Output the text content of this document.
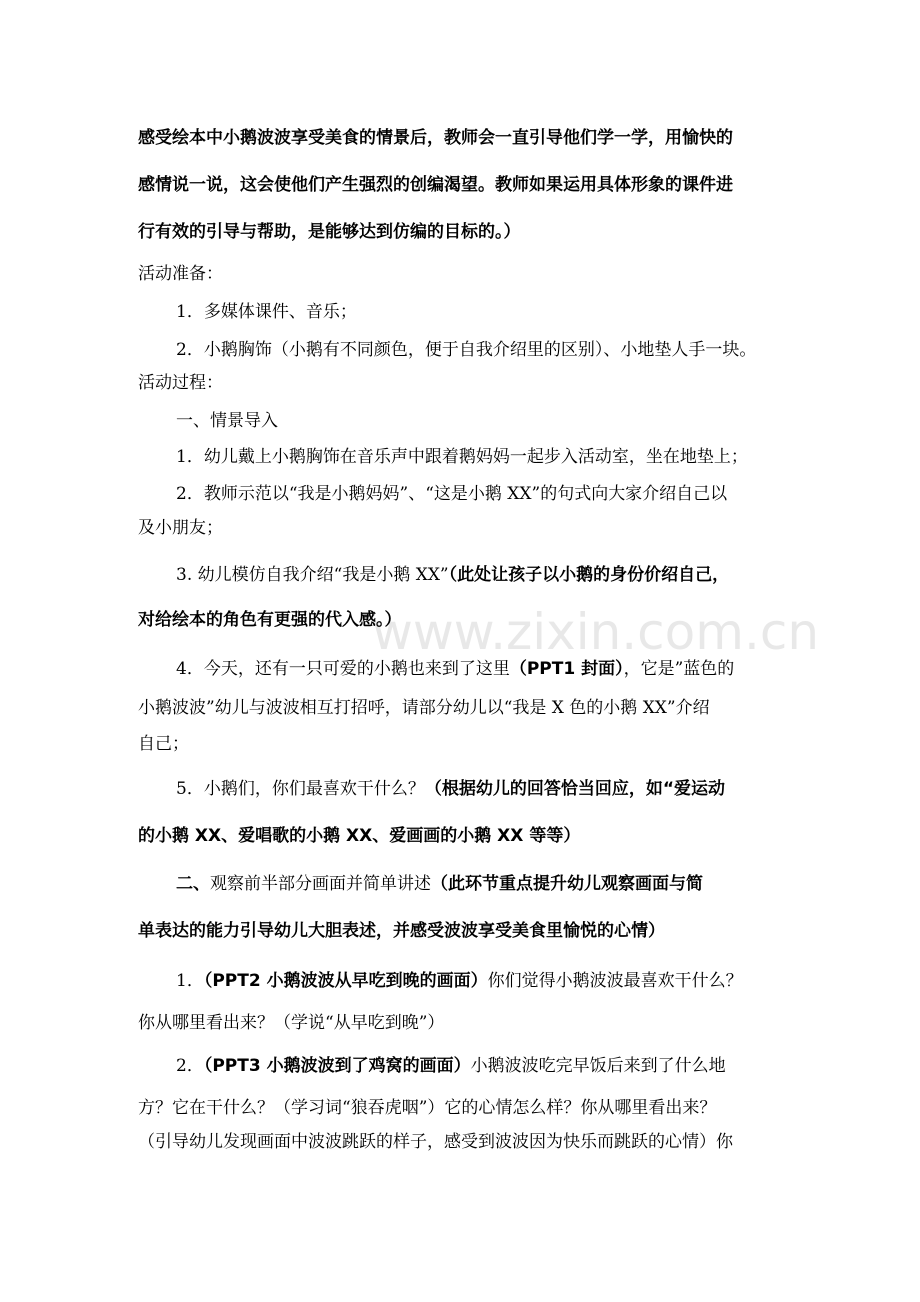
www.zixin.com.cn
感受绘本中小鹅波波享受美食的情景后，教师会一直引导他们学一学，用愉快的
感情说一说，这会使他们产生强烈的创编渴望。教师如果运用具体形象的课件进
行有效的引导与帮助，是能够达到仿编的目标的。）
活动准备：
1．多媒体课件、音乐；
2．小鹅胸饰（小鹅有不同颜色，便于自我介绍里的区别）、小地垫人手一块。
活动过程：
一、情景导入
1．幼儿戴上小鹅胸饰在音乐声中跟着鹅妈妈一起步入活动室，坐在地垫上；
2．教师示范以“我是小鹅妈妈”、“这是小鹅 XX”的句式向大家介绍自己以
及小朋友；
3. 幼儿模仿自我介绍“我是小鹅 XX”（此处让孩子以小鹅的身份价绍自己，
对给绘本的角色有更强的代入感。）
4．今天，还有一只可爱的小鹅也来到了这里（PPT1 封面），它是”蓝色的
小鹅波波”幼儿与波波相互打招呼，请部分幼儿以“我是 X 色的小鹅 XX”介绍
自己；
5．小鹅们，你们最喜欢干什么？（根据幼儿的回答恰当回应，如“爱运动
的小鹅 XX、爱唱歌的小鹅 XX、爱画画的小鹅 XX 等等）
二、观察前半部分画面并简单讲述（此环节重点提升幼儿观察画面与简
单表达的能力引导幼儿大胆表述，并感受波波享受美食里愉悦的心情）
1．（PPT2 小鹅波波从早吃到晚的画面）你们觉得小鹅波波最喜欢干什么？
你从哪里看出来？（学说“从早吃到晚”）
2．（PPT3 小鹅波波到了鸡窝的画面）小鹅波波吃完早饭后来到了什么地
方？它在干什么？（学习词“狼吞虎咽”）它的心情怎么样？你从哪里看出来？
（引导幼儿发现画面中波波跳跃的样子，感受到波波因为快乐而跳跃的心情）你
